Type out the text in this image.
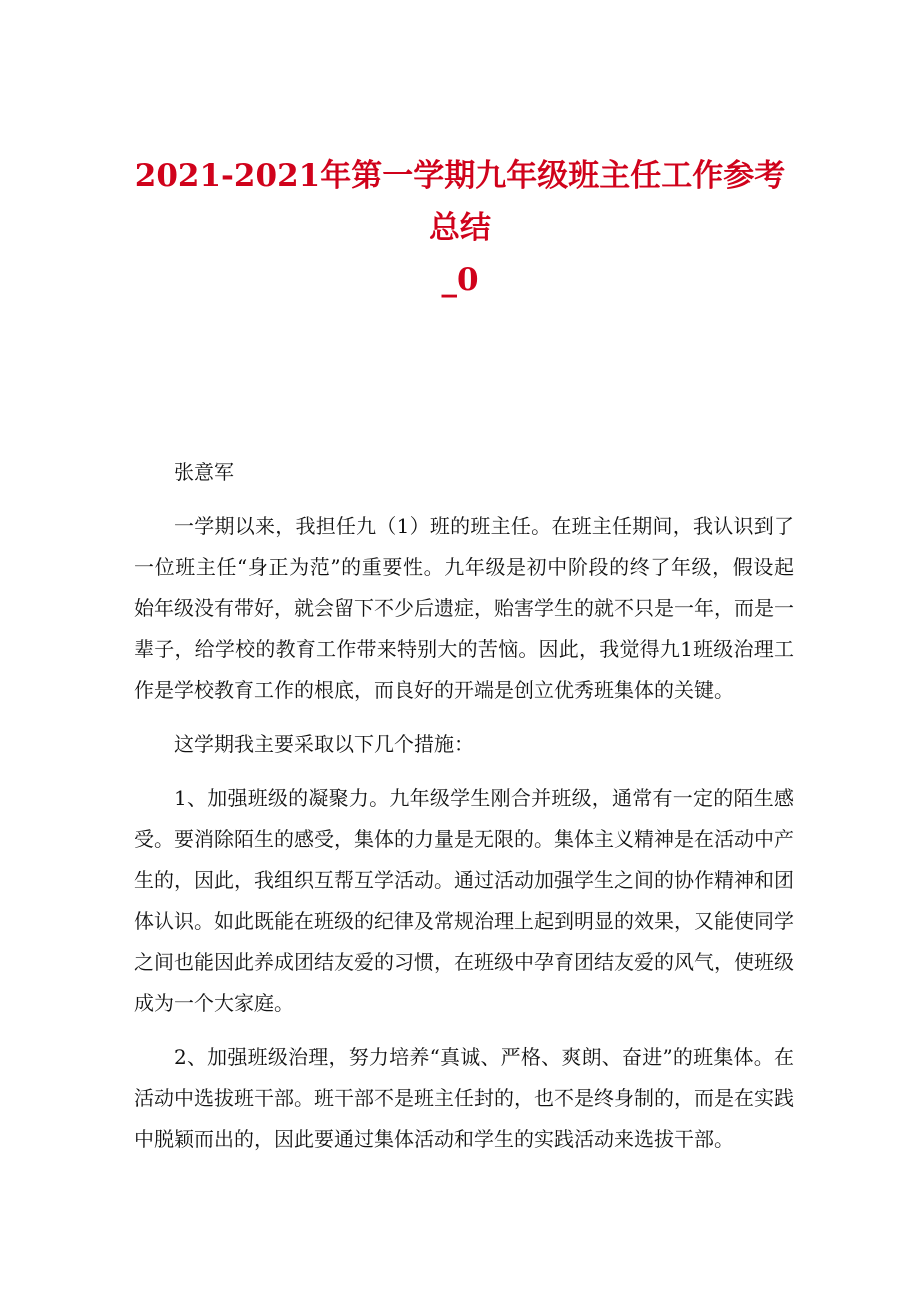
2021-2021年第一学期九年级班主任工作参考总结
_0

张意军

一学期以来，我担任九（1）班的班主任。在班主任期间，我认识到了一位班主任“身正为范”的重要性。九年级是初中阶段的终了年级，假设起始年级没有带好，就会留下不少后遗症，贻害学生的就不只是一年，而是一辈子，给学校的教育工作带来特别大的苦恼。因此，我觉得九1班级治理工作是学校教育工作的根底，而良好的开端是创立优秀班集体的关键。

这学期我主要采取以下几个措施：

1、加强班级的凝聚力。九年级学生刚合并班级，通常有一定的陌生感受。要消除陌生的感受，集体的力量是无限的。集体主义精神是在活动中产生的，因此，我组织互帮互学活动。通过活动加强学生之间的协作精神和团体认识。如此既能在班级的纪律及常规治理上起到明显的效果，又能使同学之间也能因此养成团结友爱的习惯，在班级中孕育团结友爱的风气，使班级成为一个大家庭。

2、加强班级治理，努力培养“真诚、严格、爽朗、奋进”的班集体。在活动中选拔班干部。班干部不是班主任封的，也不是终身制的，而是在实践中脱颖而出的，因此要通过集体活动和学生的实践活动来选拔干部。
